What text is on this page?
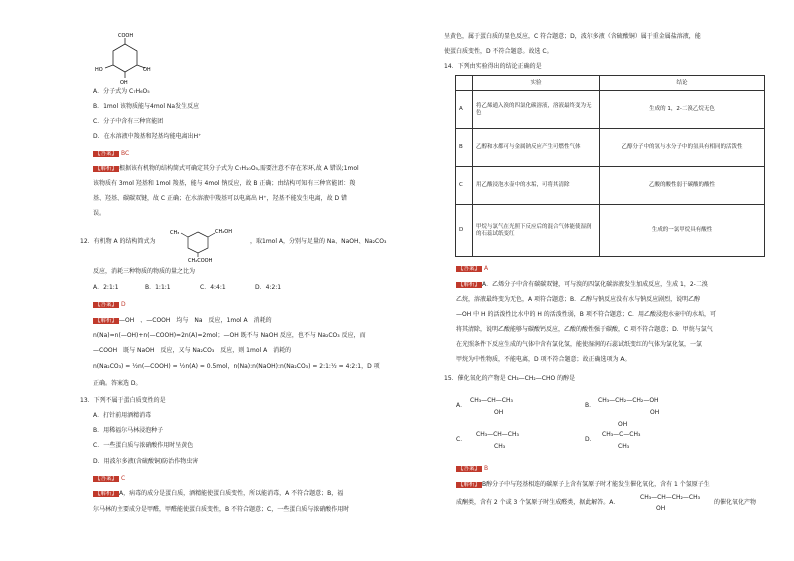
COOH
HO	OH
OH
A．分子式为 C₇H₆O₅
B．1mol 该物质能与4mol Na发生反应
C．分子中含有三种官能团
D．在水溶液中羧基和羟基均能电离出H⁺
【答案】 BC
【解析】 根据该有机物的结构简式可确定其分子式为 C₇H₁₀O₅,需要注意不存在苯环,故 A 错误;1mol
该物质有 3mol 羟基和 1mol 羧基，能与 4mol 钠反应，故 B 正确；由结构可知有三种官能团：羧
基、羟基、碳碳双键，故 C 正确；在水溶液中羧基可以电离出 H⁺，羟基不能发生电离，故 D 错
误。
12．有机物 A 的结构简式为
CH₃	CH₂OH
CH₂COOH
，取1mol A，分别与足量的 Na、NaOH、Na₂CO₃
反应，消耗三种物质的物质的量之比为
A．2:1:1	B．1:1:1	C．4:4:1	D．4:2:1
【答案】 D
【解析】 —OH　、—COOH　均与　Na　反应，1mol A　消耗的
n(Na)=n(—OH)+n(—COOH)=2n(A)=2mol；—OH 既不与 NaOH 反应，也不与 Na₂CO₃ 反应，而
—COOH　既与 NaOH　反应，又与 Na₂CO₃　反应，则 1mol A　消耗的
n(Na₂CO₃) = ½n(—COOH) = ½n(A) = 0.5mol，n(Na):n(NaOH):n(Na₂CO₃) = 2:1:½ = 4:2:1，D 项
正确。答案选 D。
13．下列不属于蛋白质变性的是
A．打针前用酒精消毒
B．用稀福尔马林浸泡种子
C．一些蛋白质与浓硝酸作用时呈黄色
D．用波尔多液(含硫酸铜)防治作物虫害
【答案】 C
【解析】 A，病毒的成分是蛋白质，酒精能使蛋白质变性，所以能消毒，A 不符合题意；B，福
尔马林的主要成分是甲醛，甲醛能使蛋白质变性，B 不符合题意；C，一些蛋白质与浓硝酸作用时
呈黄色，属于蛋白质的显色反应，C 符合题意；D，波尔多液（含硫酸铜）属于重金属盐溶液，能
使蛋白质变性，D 不符合题意。故选 C。
14．下列由实验得出的结论正确的是
	实验	结论
A	将乙烯通入溴的四氯化碳溶液，溶液最终变为无色	生成的 1，2-二溴乙烷无色
B	乙醇和水都可与金属钠反应产生可燃性气体	乙醇分子中的氢与水分子中的氢具有相同的活泼性
C	用乙酸浸泡水壶中的水垢，可将其清除	乙酸的酸性弱于碳酸的酸性
D	甲烷与氯气在光照下反应后的混合气体能使湿润的石蕊试纸变红	生成的一氯甲烷具有酸性
【答案】 A
【解析】 A．乙烯分子中含有碳碳双键，可与溴的四氯化碳溶液发生加成反应，生成 1，2-二溴
乙烷，溶液最终变为无色，A 项符合题意；B．乙醇与钠反应没有水与钠反应剧烈，说明乙醇
—OH 中 H 的活泼性比水中的 H 的活泼性弱，B 项不符合题意；C．用乙酸浸泡水壶中的水垢，可
将其清除，说明乙酸能够与碳酸钙反应，乙酸的酸性强于碳酸，C 项不符合题意；D．甲烷与氯气
在光照条件下反应生成的气体中含有氯化氢，能使湿润的石蕊试纸变红的气体为氯化氢，一氯
甲烷为中性物质，不能电离，D 项不符合题意；故正确选项为 A。
15．催化氧化的产物是 CH₃—CH₂—CHO 的醇是
A．
CH₃—CH—CH₃
OH
B．
CH₃—CH₂—CH₂—OH
OH
C．
CH₃—CH—CH₃
CH₃
D．
OH
CH₃—C—CH₃
CH₃
【答案】 B
【解析】 B醇分子中与羟基相连的碳原子上含有氢原子时才能发生催化氧化，含有 1 个氢原子生
成酮类，含有 2 个或 3 个氢原子时生成醛类，据此解答。A．
CH₃—CH—CH₂—CH₃
OH
的催化氧化产物
